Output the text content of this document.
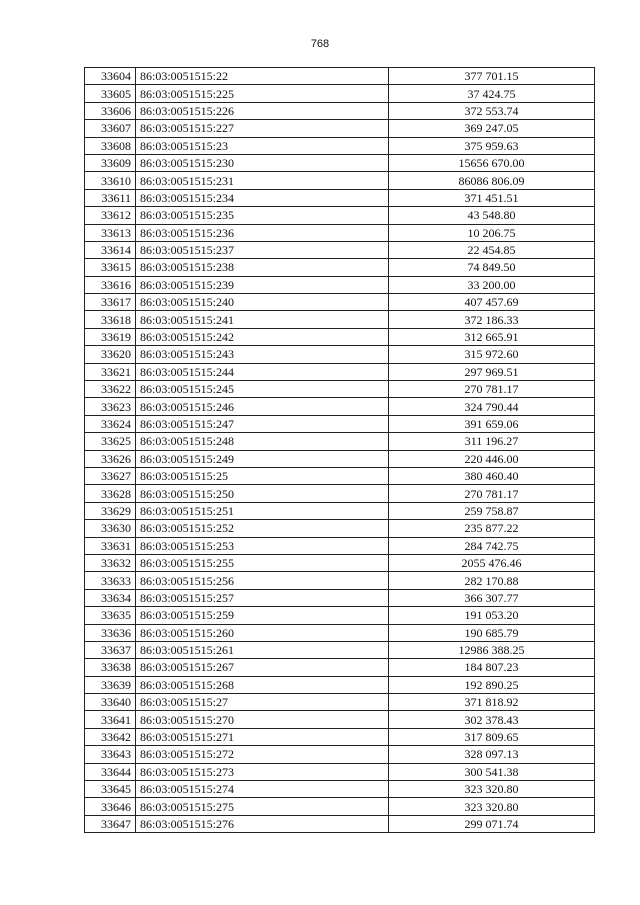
768
33604	86:03:0051515:22	377 701.15
33605	86:03:0051515:225	37 424.75
33606	86:03:0051515:226	372 553.74
33607	86:03:0051515:227	369 247.05
33608	86:03:0051515:23	375 959.63
33609	86:03:0051515:230	15656 670.00
33610	86:03:0051515:231	86086 806.09
33611	86:03:0051515:234	371 451.51
33612	86:03:0051515:235	43 548.80
33613	86:03:0051515:236	10 206.75
33614	86:03:0051515:237	22 454.85
33615	86:03:0051515:238	74 849.50
33616	86:03:0051515:239	33 200.00
33617	86:03:0051515:240	407 457.69
33618	86:03:0051515:241	372 186.33
33619	86:03:0051515:242	312 665.91
33620	86:03:0051515:243	315 972.60
33621	86:03:0051515:244	297 969.51
33622	86:03:0051515:245	270 781.17
33623	86:03:0051515:246	324 790.44
33624	86:03:0051515:247	391 659.06
33625	86:03:0051515:248	311 196.27
33626	86:03:0051515:249	220 446.00
33627	86:03:0051515:25	380 460.40
33628	86:03:0051515:250	270 781.17
33629	86:03:0051515:251	259 758.87
33630	86:03:0051515:252	235 877.22
33631	86:03:0051515:253	284 742.75
33632	86:03:0051515:255	2055 476.46
33633	86:03:0051515:256	282 170.88
33634	86:03:0051515:257	366 307.77
33635	86:03:0051515:259	191 053.20
33636	86:03:0051515:260	190 685.79
33637	86:03:0051515:261	12986 388.25
33638	86:03:0051515:267	184 807.23
33639	86:03:0051515:268	192 890.25
33640	86:03:0051515:27	371 818.92
33641	86:03:0051515:270	302 378.43
33642	86:03:0051515:271	317 809.65
33643	86:03:0051515:272	328 097.13
33644	86:03:0051515:273	300 541.38
33645	86:03:0051515:274	323 320.80
33646	86:03:0051515:275	323 320.80
33647	86:03:0051515:276	299 071.74
